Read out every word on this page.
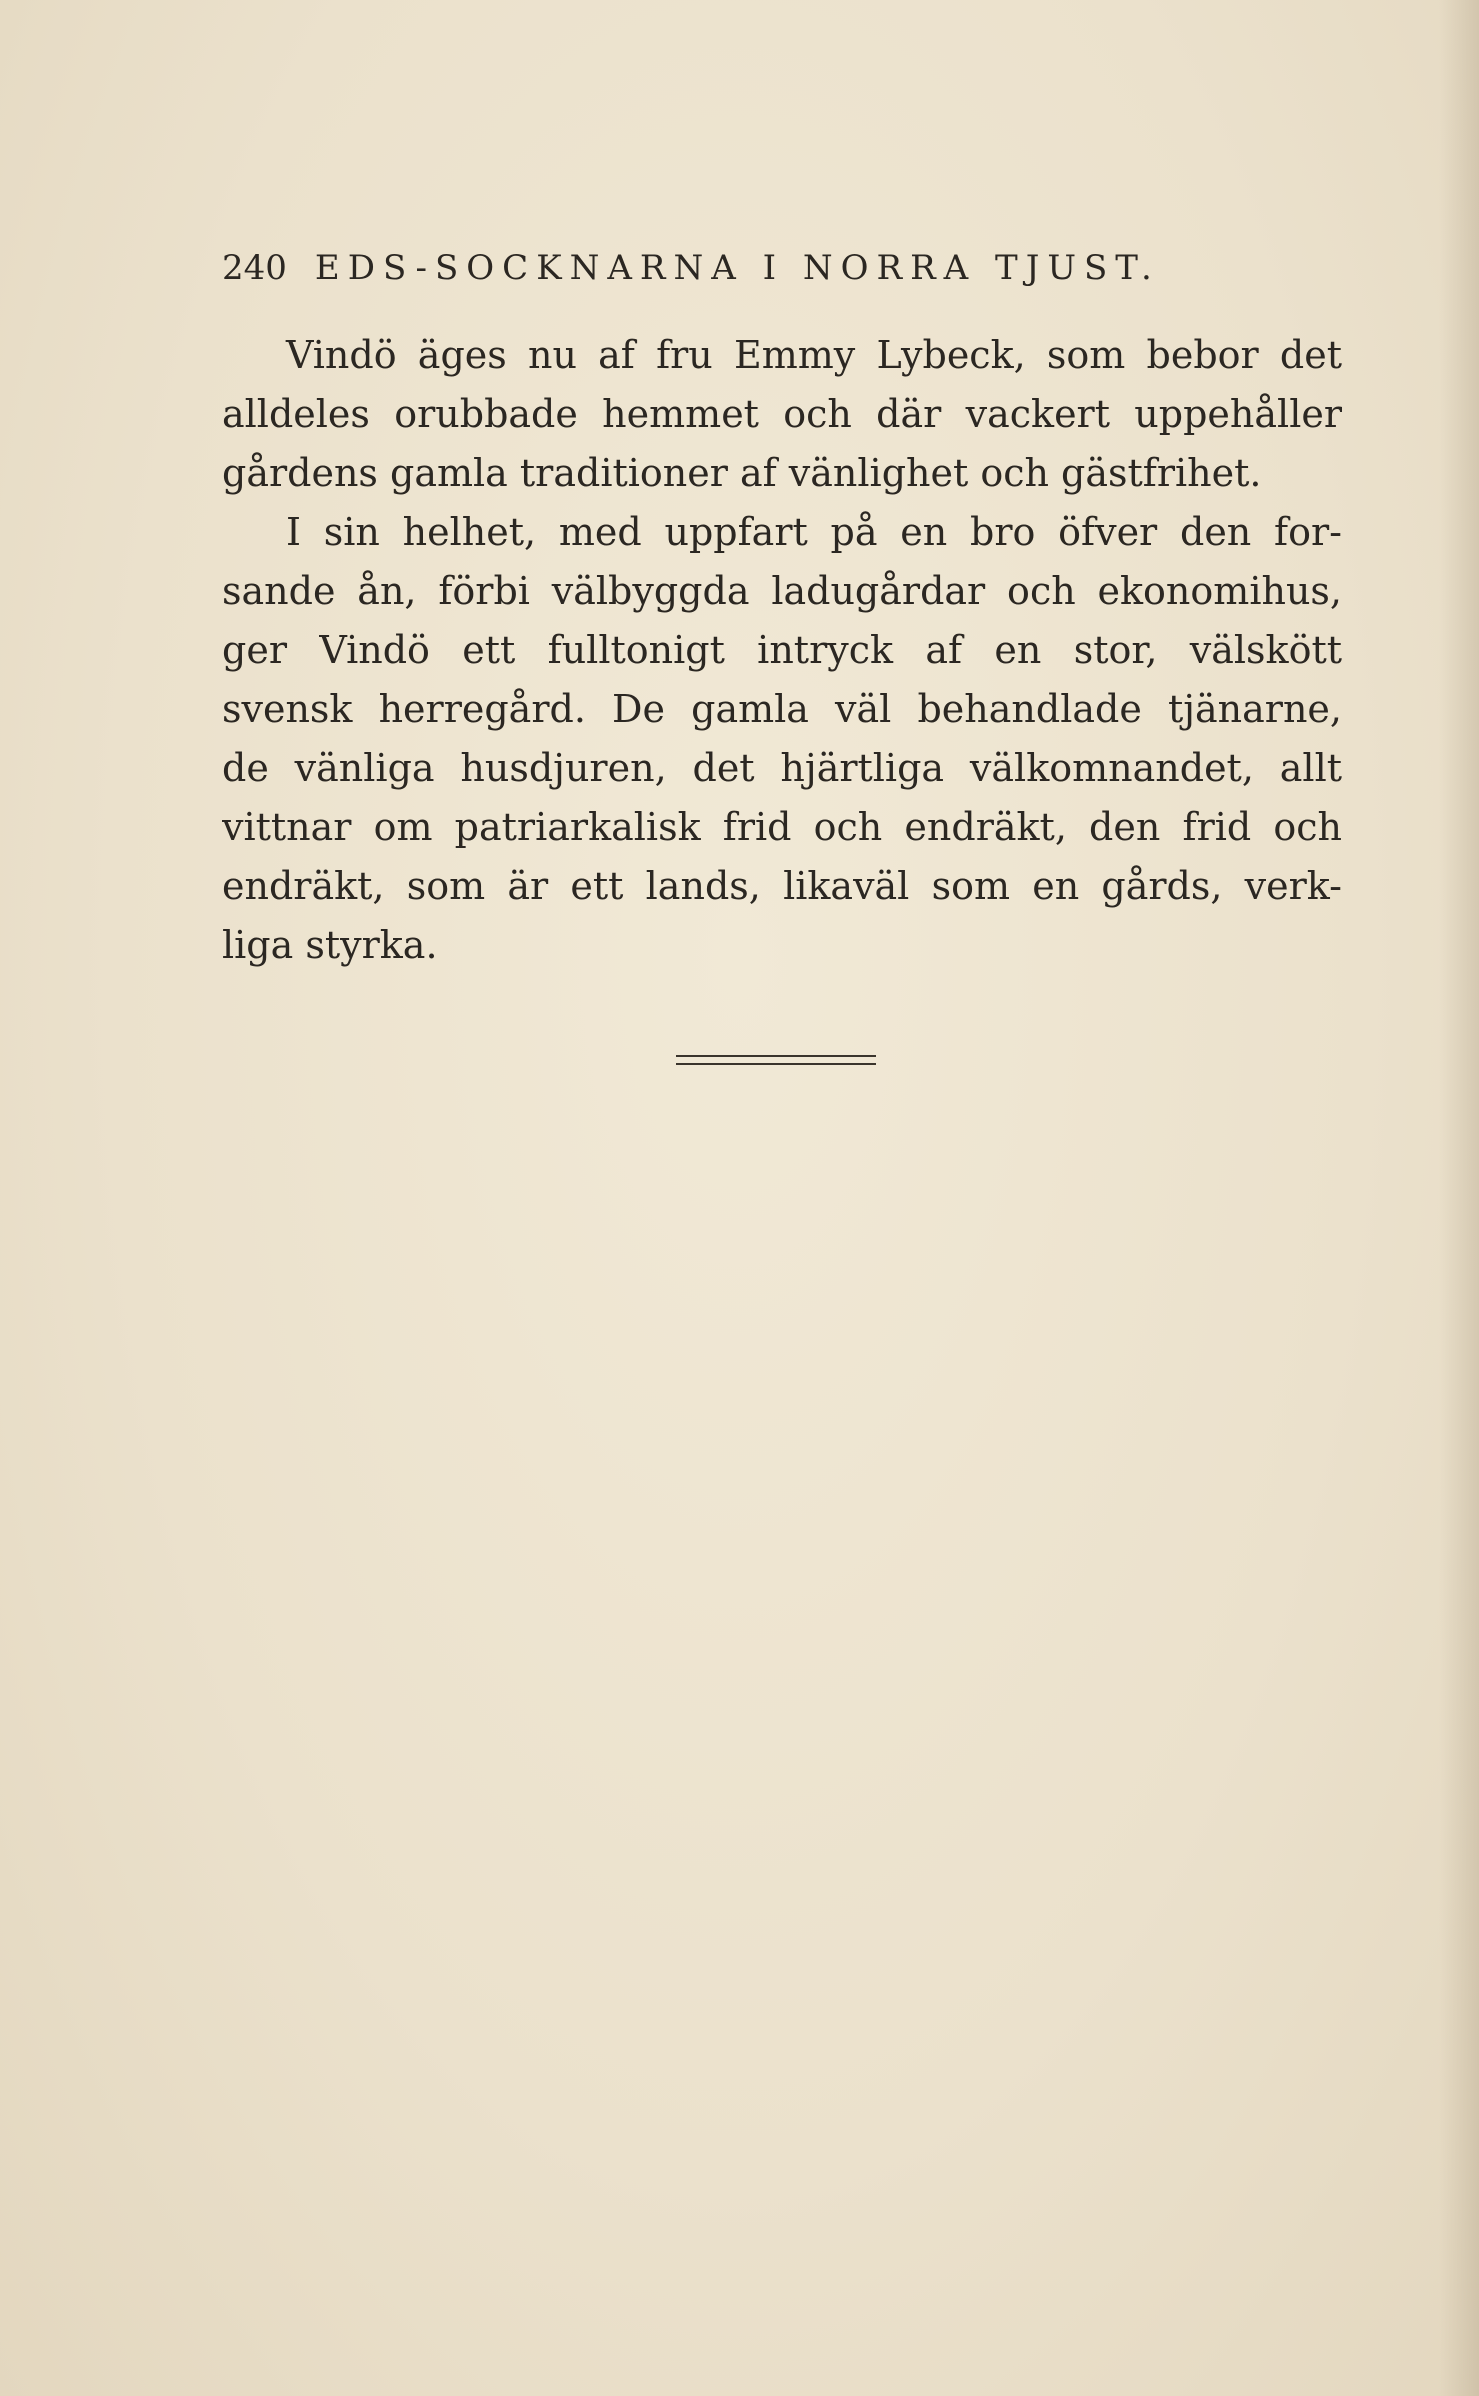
240 EDS-SOCKNARNA I NORRA TJUST.
Vindö äges nu af fru Emmy Lybeck, som bebor det
alldeles orubbade hemmet och där vackert uppehåller
gårdens gamla traditioner af vänlighet och gästfrihet.
I sin helhet, med uppfart på en bro öfver den for-
sande ån, förbi välbyggda ladugårdar och ekonomihus,
ger Vindö ett fulltonigt intryck af en stor, välskött
svensk herregård. De gamla väl behandlade tjänarne,
de vänliga husdjuren, det hjärtliga välkomnandet, allt
vittnar om patriarkalisk frid och endräkt, den frid och
endräkt, som är ett lands, likaväl som en gårds, verk-
liga styrka.
